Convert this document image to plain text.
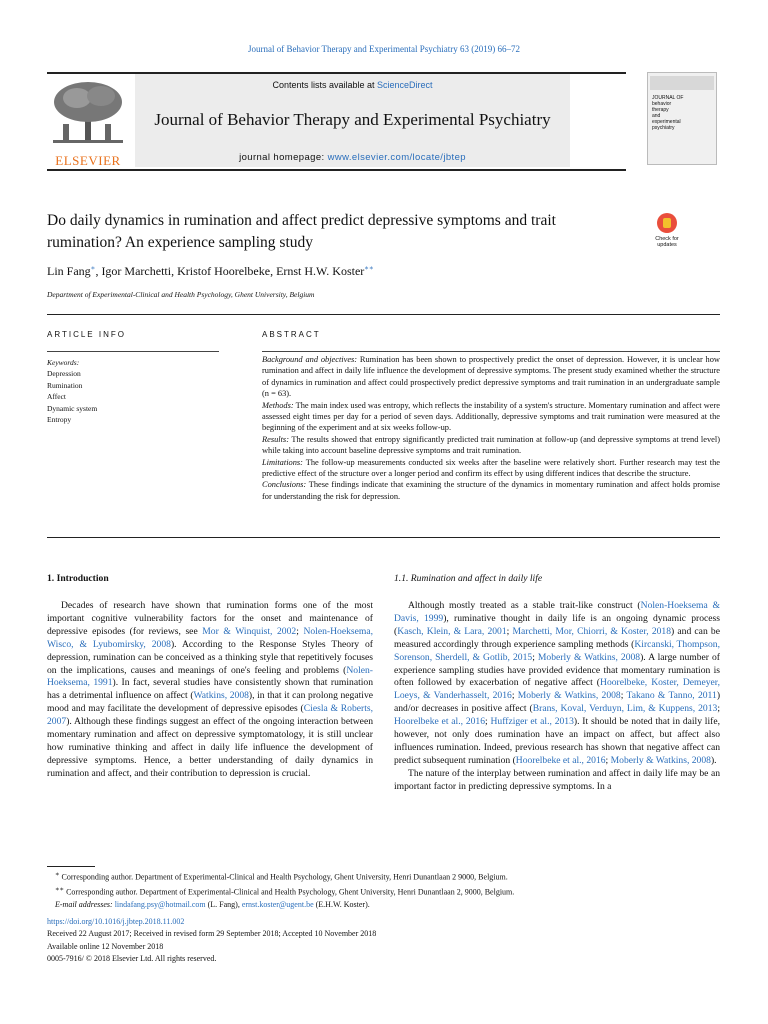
Journal of Behavior Therapy and Experimental Psychiatry 63 (2019) 66–72
ELSEVIER
Contents lists available at ScienceDirect
Journal of Behavior Therapy and Experimental Psychiatry
journal homepage: www.elsevier.com/locate/jbtep
JOURNAL OF
behavior
therapy
and
experimental
psychiatry
Do daily dynamics in rumination and affect predict depressive symptoms and trait rumination? An experience sampling study	Check for
updates
Lin Fang∗, Igor Marchetti, Kristof Hoorelbeke, Ernst H.W. Koster∗∗
Department of Experimental-Clinical and Health Psychology, Ghent University, Belgium
ARTICLE INFO	ABSTRACT
Keywords:
Depression
Rumination
Affect
Dynamic system
Entropy

Background and objectives: Rumination has been shown to prospectively predict the onset of depression. However, it is unclear how rumination and affect in daily life influence the development of depressive symptoms. The present study examined whether the structure of dynamics in rumination and affect could prospectively predict depressive symptoms and trait rumination in an undergraduate sample (n = 63).

Methods: The main index used was entropy, which reflects the instability of a system's structure. Momentary rumination and affect were assessed eight times per day for a period of seven days. Additionally, depressive symptoms and trait rumination were measured at the beginning of the experiment and at six weeks follow-up.

Results: The results showed that entropy significantly predicted trait rumination at follow-up (and depressive symptoms at trend level) while taking into account baseline depressive symptoms and trait rumination.

Limitations: The follow-up measurements conducted six weeks after the baseline were relatively short. Further research may test the predictive effect of the structure over a longer period and confirm its effect by using different indices that describe the structure.

Conclusions: These findings indicate that examining the structure of the dynamics in momentary rumination and affect holds promise for understanding the risk for depression.

1. Introduction	1.1. Rumination and affect in daily life

Decades of research have shown that rumination forms one of the most important cognitive vulnerability factors for the onset and maintenance of depressive episodes (for reviews, see Mor & Winquist, 2002; Nolen-Hoeksema, Wisco, & Lyubomirsky, 2008). According to the Response Styles Theory of depression, rumination can be conceived as a thinking style that repetitively focuses on the implications, causes and meanings of one's feeling and problems (Nolen-Hoeksema, 1991). In fact, several studies have consistently shown that rumination has a detrimental influence on affect (Watkins, 2008), in that it can prolong negative mood and may facilitate the development of depressive episodes (Ciesla & Roberts, 2007). Although these findings suggest an effect of the ongoing interaction between momentary rumination and affect on depressive symptomatology, it is still unclear how ruminative thinking and affect in daily life influence the development of depressive symptoms. Hence, a better understanding of daily dynamics in rumination and affect, and their contribution to depression is crucial.

Although mostly treated as a stable trait-like construct (Nolen-Hoeksema & Davis, 1999), ruminative thought in daily life is an ongoing dynamic process (Kasch, Klein, & Lara, 2001; Marchetti, Mor, Chiorri, & Koster, 2018) and can be measured accordingly through experience sampling methods (Kircanski, Thompson, Sorenson, Sherdell, & Gotlib, 2015; Moberly & Watkins, 2008). A large number of experience sampling studies have provided evidence that momentary rumination is often followed by exacerbation of negative affect (Hoorelbeke, Koster, Demeyer, Loeys, & Vanderhasselt, 2016; Moberly & Watkins, 2008; Takano & Tanno, 2011) and/or decreases in positive affect (Brans, Koval, Verduyn, Lim, & Kuppens, 2013; Hoorelbeke et al., 2016; Huffziger et al., 2013). It should be noted that in daily life, however, not only does rumination have an impact on affect, but affect also influences rumination. Indeed, previous research has shown that negative affect can predict subsequent rumination (Hoorelbeke et al., 2016; Moberly & Watkins, 2008).

The nature of the interplay between rumination and affect in daily life may be an important factor in predicting depressive symptoms. In a

∗ Corresponding author. Department of Experimental-Clinical and Health Psychology, Ghent University, Henri Dunantlaan 2 9000, Belgium.
∗∗ Corresponding author. Department of Experimental-Clinical and Health Psychology, Ghent University, Henri Dunantlaan 2, 9000, Belgium.
E-mail addresses: lindafang.psy@hotmail.com (L. Fang), ernst.koster@ugent.be (E.H.W. Koster).
https://doi.org/10.1016/j.jbtep.2018.11.002
Received 22 August 2017; Received in revised form 29 September 2018; Accepted 10 November 2018
Available online 12 November 2018
0005-7916/ © 2018 Elsevier Ltd. All rights reserved.
